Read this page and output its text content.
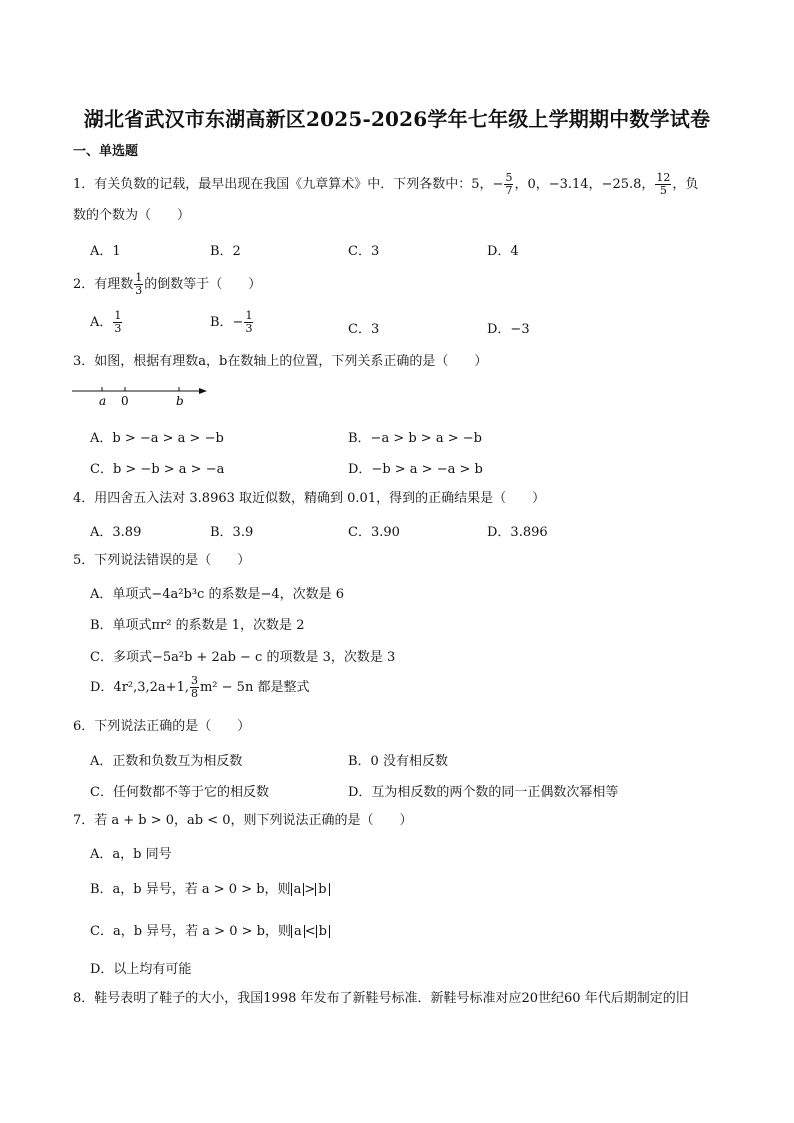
湖北省武汉市东湖高新区2025-2026学年七年级上学期期中数学试卷
一、单选题
1．有关负数的记载，最早出现在我国《九章算术》中．下列各数中：5，− $\frac{5}{7}$ ，0，−3.14，−25.8， $\frac{12}{5}$ ，负
数的个数为（　　）
A．1	B．2	C．3	D．4
2．有理数 $\frac{1}{3}$ 的倒数等于（　　）
A． $\frac{1}{3}$	B．− $\frac{1}{3}$	C．3	D．−3
3．如图，根据有理数a，b在数轴上的位置，下列关系正确的是（　　）
a 0	b
A．b > −a > a > −b	B．−a > b > a > −b
C．b > −b > a > −a	D．−b > a > −a > b
4．用四舍五入法对 3.8963 取近似数，精确到 0.01，得到的正确结果是（　　）
A．3.89	B．3.9	C．3.90	D．3.896
5．下列说法错误的是（　　）
A．单项式−4a²b³c 的系数是−4，次数是 6
B．单项式πr² 的系数是 1，次数是 2
C．多项式−5a²b + 2ab − c 的项数是 3，次数是 3
D．4r²,3,2a+1, $\frac{3}{8} m^2 - 5n$ 都是整式
6．下列说法正确的是（　　）
A．正数和负数互为相反数	B．0 没有相反数
C．任何数都不等于它的相反数	D．互为相反数的两个数的同一正偶数次幂相等
7．若 a + b > 0，ab < 0，则下列说法正确的是（　　）
A．a，b 同号
B．a，b 异号，若 a > 0 > b，则 a > b
C．a，b 异号，若 a > 0 > b，则 a < b
D．以上均有可能
8．鞋号表明了鞋子的大小，我国1998 年发布了新鞋号标准．新鞋号标准对应20世纪60 年代后期制定的旧
